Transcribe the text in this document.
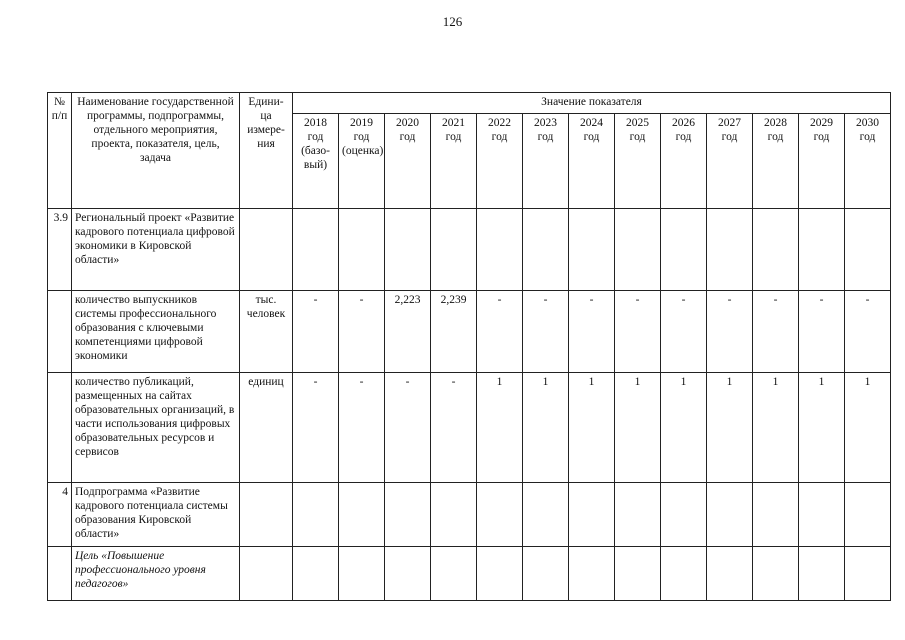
126
№ п/п	Наименование государственной программы, подпрограммы, отдельного мероприятия, проекта, показателя, цель, задача	Едини-ца измере-ния	Значение показателя												
			2018 год (базо-вый)	2019 год (оценка)	2020 год	2021 год	2022 год	2023 год	2024 год	2025 год	2026 год	2027 год	2028 год	2029 год	2030 год
3.9	Региональный проект «Развитие кадрового потенциала цифровой экономики в Кировской области»														
	количество выпускников системы профессионального образования с ключевыми компетенциями цифровой экономики	тыс. человек	-	-	2,223	2,239	-	-	-	-	-	-	-	-	-
	количество публикаций, размещенных на сайтах образовательных организаций, в части использования цифровых образовательных ресурсов и сервисов	единиц	-	-	-	-	1	1	1	1	1	1	1	1	1
4	Подпрограмма «Развитие кадрового потенциала системы образования Кировской области»														
	Цель «Повышение профессионального уровня педагогов»														
